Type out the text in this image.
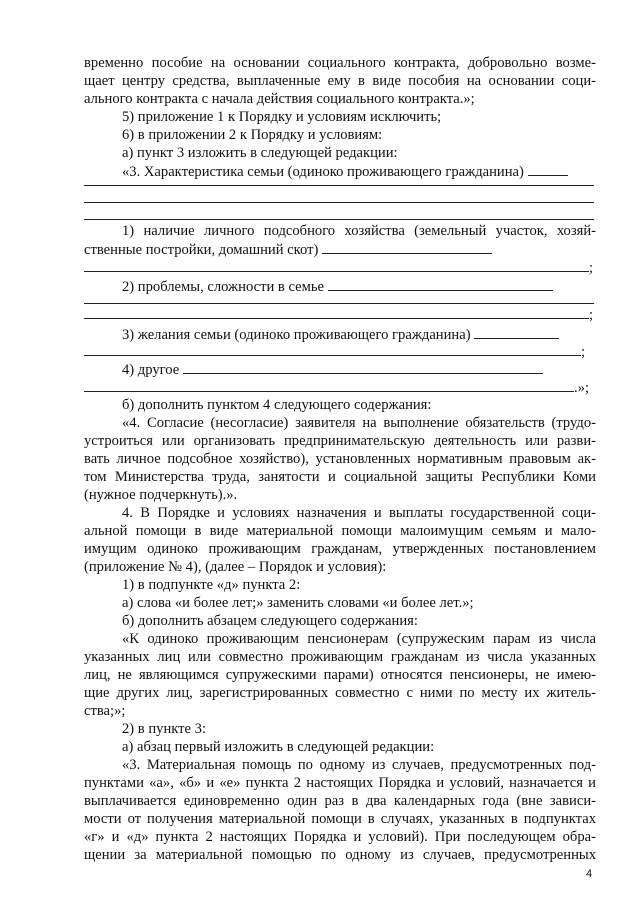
временно пособие на основании социального контракта, добровольно возме-
щает центру средства, выплаченные ему в виде пособия на основании соци-
ального контракта с начала действия социального контракта.»;
5) приложение 1 к Порядку и условиям исключить;
6) в приложении 2 к Порядку и условиям:
а) пункт 3 изложить в следующей редакции:
«3. Характеристика семьи (одиноко проживающего гражданина)
1) наличие личного подсобного хозяйства (земельный участок, хозяй-
ственные постройки, домашний скот)
;
2) проблемы, сложности в семье
;
3) желания семьи (одиноко проживающего гражданина)
;
4) другое
.»;
б) дополнить пунктом 4 следующего содержания:
«4. Согласие (несогласие) заявителя на выполнение обязательств (трудо-
устроиться или организовать предпринимательскую деятельность или разви-
вать личное подсобное хозяйство), установленных нормативным правовым ак-
том Министерства труда, занятости и социальной защиты Республики Коми
(нужное подчеркнуть).».
4. В Порядке и условиях назначения и выплаты государственной соци-
альной помощи в виде материальной помощи малоимущим семьям и мало-
имущим одиноко проживающим гражданам, утвержденных постановлением
(приложение № 4), (далее – Порядок и условия):
1) в подпункте «д» пункта 2:
а) слова «и более лет;» заменить словами «и более лет.»;
б) дополнить абзацем следующего содержания:
«К одиноко проживающим пенсионерам (супружеским парам из числа
указанных лиц или совместно проживающим гражданам из числа указанных
лиц, не являющимся супружескими парами) относятся пенсионеры, не имею-
щие других лиц, зарегистрированных совместно с ними по месту их житель-
ства;»;
2) в пункте 3:
а) абзац первый изложить в следующей редакции:
«3. Материальная помощь по одному из случаев, предусмотренных под-
пунктами «а», «б» и «е» пункта 2 настоящих Порядка и условий, назначается и
выплачивается единовременно один раз в два календарных года (вне зависи-
мости от получения материальной помощи в случаях, указанных в подпунктах
«г» и «д» пункта 2 настоящих Порядка и условий). При последующем обра-
щении за материальной помощью по одному из случаев, предусмотренных
4
